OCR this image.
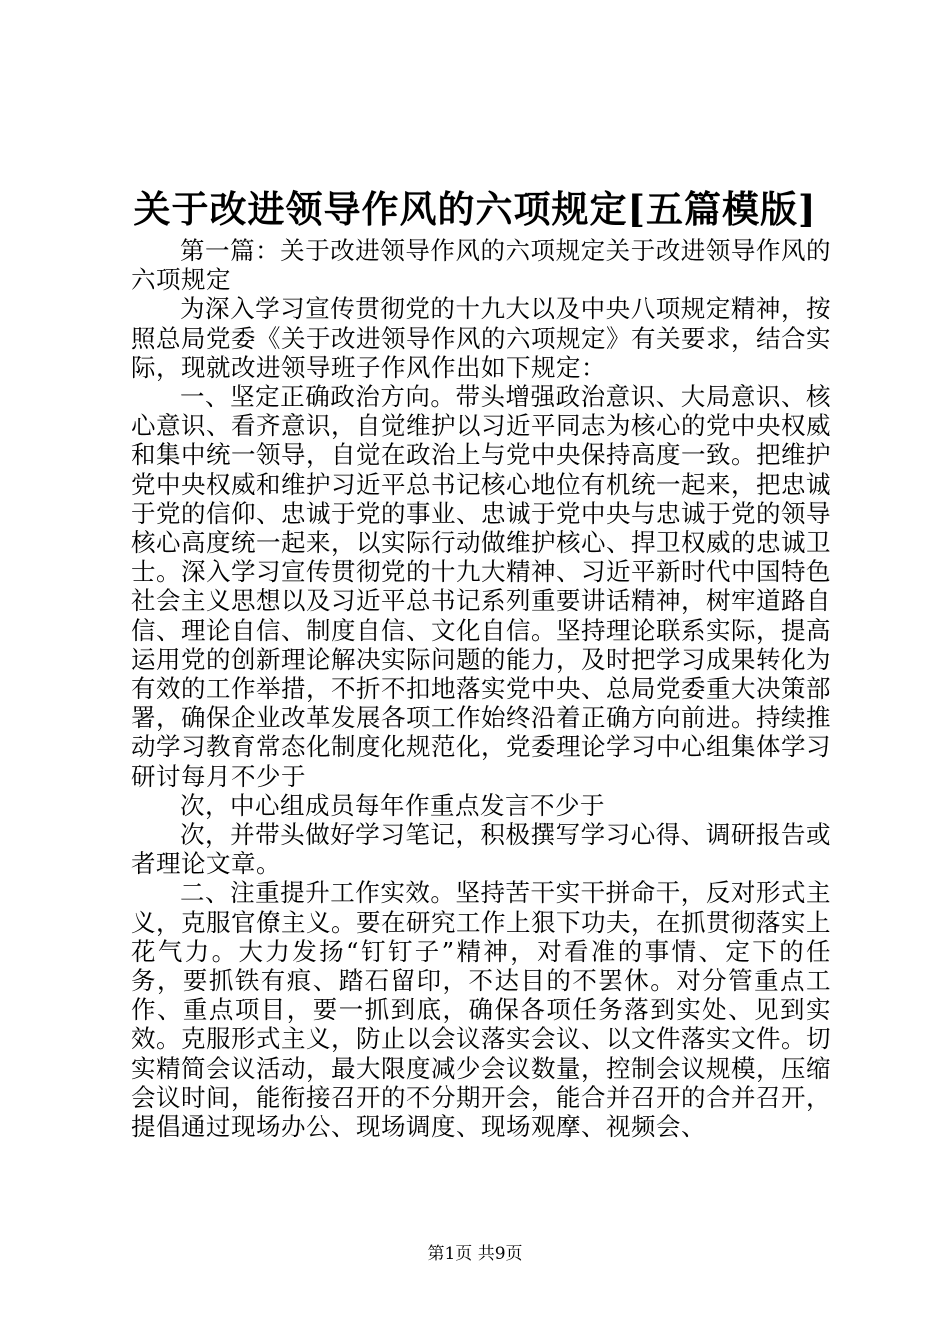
关于改进领导作风的六项规定[五篇模版]

第一篇：关于改进领导作风的六项规定关于改进领导作风的六项规定

为深入学习宣传贯彻党的十九大以及中央八项规定精神，按照总局党委《关于改进领导作风的六项规定》有关要求，结合实际，现就改进领导班子作风作出如下规定：

一、坚定正确政治方向。带头增强政治意识、大局意识、核心意识、看齐意识，自觉维护以习近平同志为核心的党中央权威和集中统一领导，自觉在政治上与党中央保持高度一致。把维护党中央权威和维护习近平总书记核心地位有机统一起来，把忠诚于党的信仰、忠诚于党的事业、忠诚于党中央与忠诚于党的领导核心高度统一起来，以实际行动做维护核心、捍卫权威的忠诚卫士。深入学习宣传贯彻党的十九大精神、习近平新时代中国特色社会主义思想以及习近平总书记系列重要讲话精神，树牢道路自信、理论自信、制度自信、文化自信。坚持理论联系实际，提高运用党的创新理论解决实际问题的能力，及时把学习成果转化为有效的工作举措，不折不扣地落实党中央、总局党委重大决策部署，确保企业改革发展各项工作始终沿着正确方向前进。持续推动学习教育常态化制度化规范化，党委理论学习中心组集体学习研讨每月不少于

次，中心组成员每年作重点发言不少于

次，并带头做好学习笔记，积极撰写学习心得、调研报告或者理论文章。

二、注重提升工作实效。坚持苦干实干拼命干，反对形式主义，克服官僚主义。要在研究工作上狠下功夫，在抓贯彻落实上花气力。大力发扬“钉钉子”精神，对看准的事情、定下的任务，要抓铁有痕、踏石留印，不达目的不罢休。对分管重点工作、重点项目，要一抓到底，确保各项任务落到实处、见到实效。克服形式主义，防止以会议落实会议、以文件落实文件。切实精简会议活动，最大限度减少会议数量，控制会议规模，压缩会议时间，能衔接召开的不分期开会，能合并召开的合并召开，提倡通过现场办公、现场调度、现场观摩、视频会、

第1页 共9页
